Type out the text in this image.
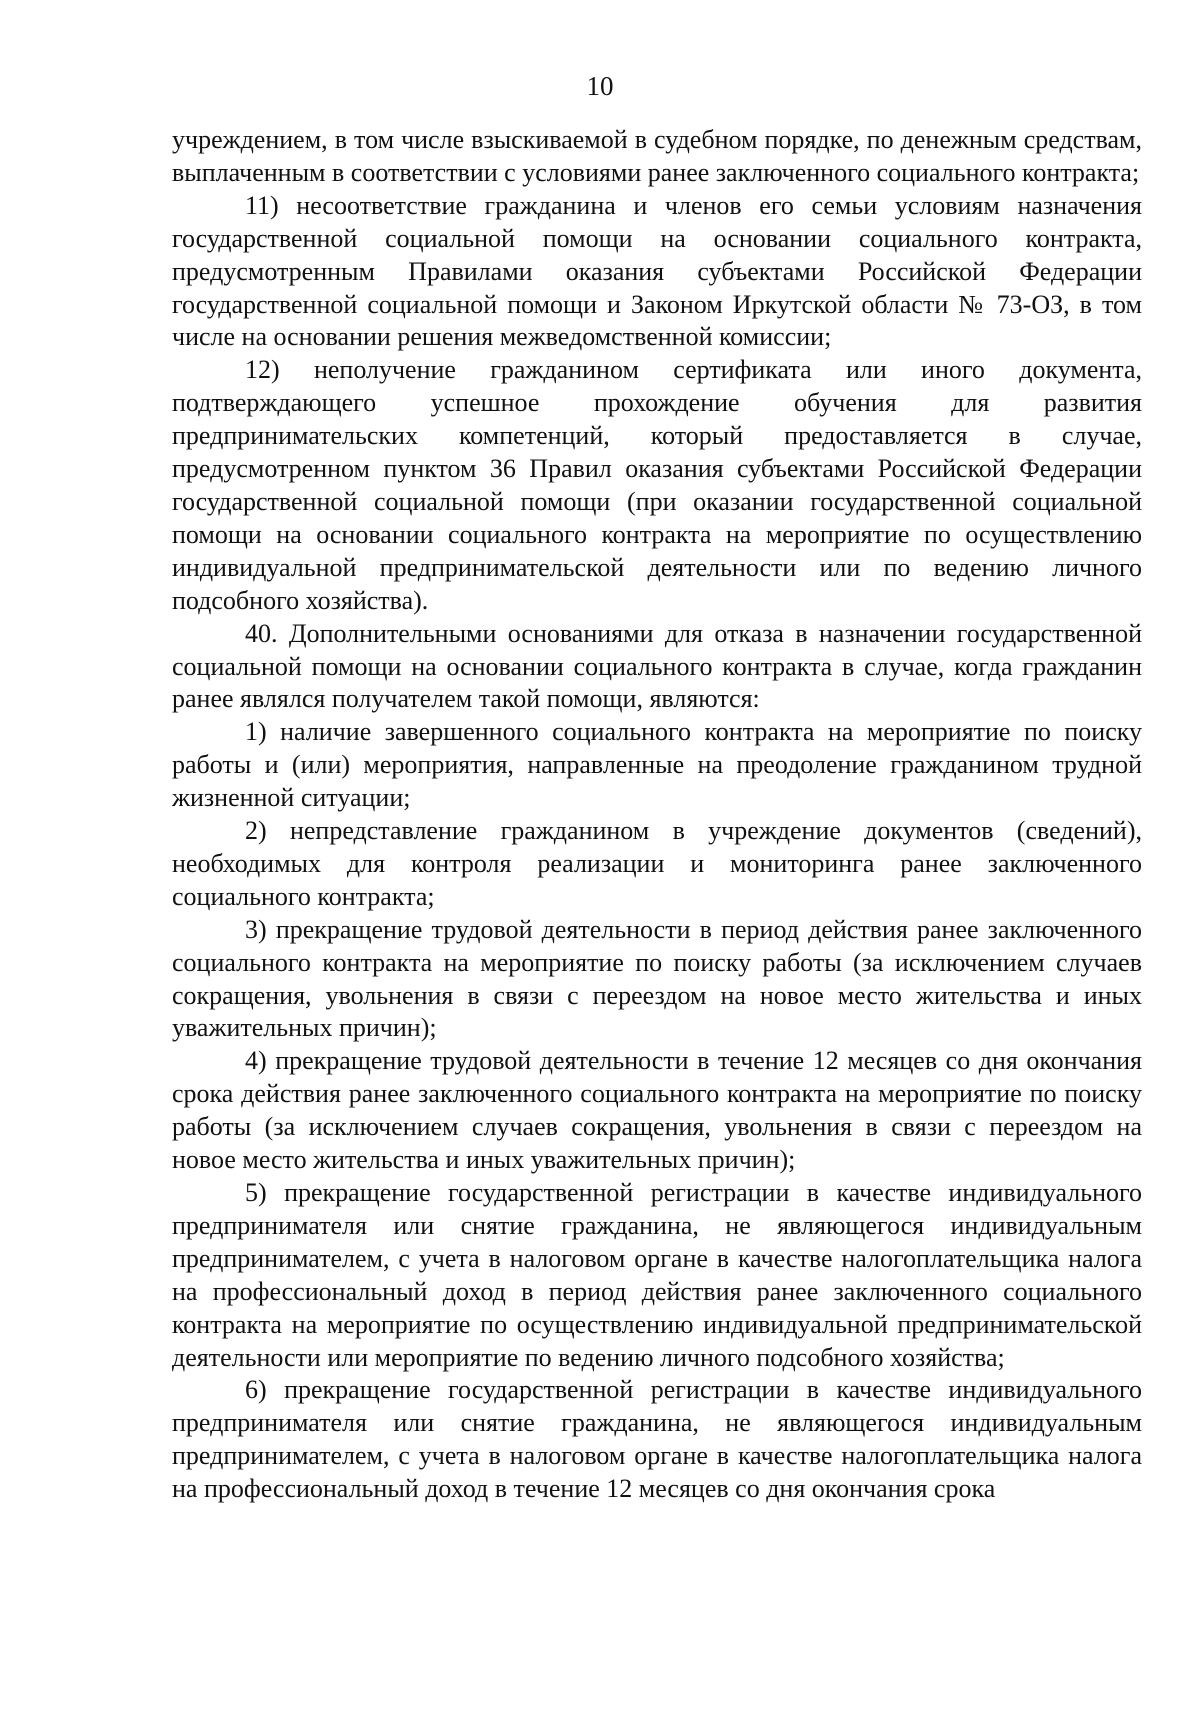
10

учреждением, в том числе взыскиваемой в судебном порядке, по денежным средствам, выплаченным в соответствии с условиями ранее заключенного социального контракта;

11) несоответствие гражданина и членов его семьи условиям назначения государственной социальной помощи на основании социального контракта, предусмотренным Правилами оказания субъектами Российской Федерации государственной социальной помощи и Законом Иркутской области № 73-ОЗ, в том числе на основании решения межведомственной комиссии;

12) неполучение гражданином сертификата или иного документа, подтверждающего успешное прохождение обучения для развития предпринимательских компетенций, который предоставляется в случае, предусмотренном пунктом 36 Правил оказания субъектами Российской Федерации государственной социальной помощи (при оказании государственной социальной помощи на основании социального контракта на мероприятие по осуществлению индивидуальной предпринимательской деятельности или по ведению личного подсобного хозяйства).

40. Дополнительными основаниями для отказа в назначении государственной социальной помощи на основании социального контракта в случае, когда гражданин ранее являлся получателем такой помощи, являются:

1) наличие завершенного социального контракта на мероприятие по поиску работы и (или) мероприятия, направленные на преодоление гражданином трудной жизненной ситуации;

2) непредставление гражданином в учреждение документов (сведений), необходимых для контроля реализации и мониторинга ранее заключенного социального контракта;

3) прекращение трудовой деятельности в период действия ранее заключенного социального контракта на мероприятие по поиску работы (за исключением случаев сокращения, увольнения в связи с переездом на новое место жительства и иных уважительных причин);

4) прекращение трудовой деятельности в течение 12 месяцев со дня окончания срока действия ранее заключенного социального контракта на мероприятие по поиску работы (за исключением случаев сокращения, увольнения в связи с переездом на новое место жительства и иных уважительных причин);

5) прекращение государственной регистрации в качестве индивидуального предпринимателя или снятие гражданина, не являющегося индивидуальным предпринимателем, с учета в налоговом органе в качестве налогоплательщика налога на профессиональный доход в период действия ранее заключенного социального контракта на мероприятие по осуществлению индивидуальной предпринимательской деятельности или мероприятие по ведению личного подсобного хозяйства;

6) прекращение государственной регистрации в качестве индивидуального предпринимателя или снятие гражданина, не являющегося индивидуальным предпринимателем, с учета в налоговом органе в качестве налогоплательщика налога на профессиональный доход в течение 12 месяцев со дня окончания срока
